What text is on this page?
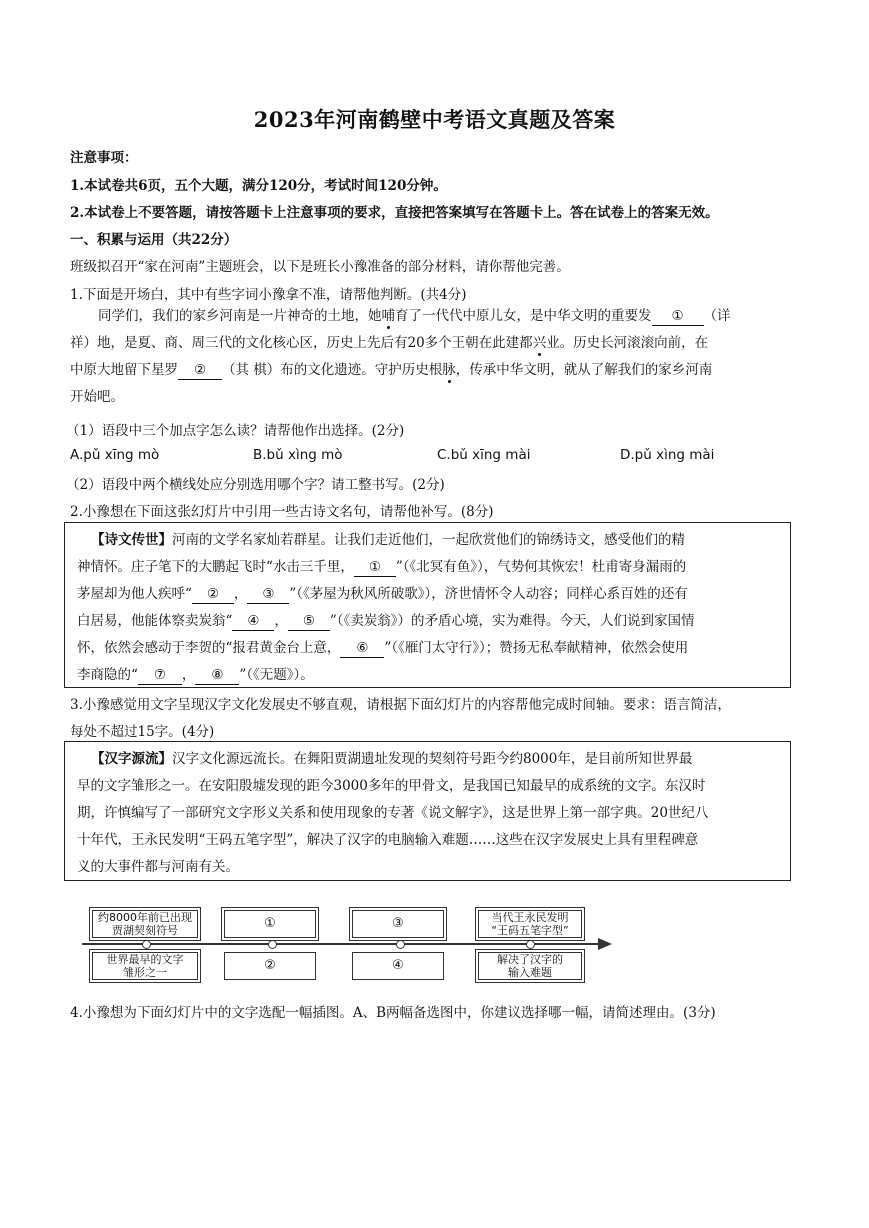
2023年河南鹤壁中考语文真题及答案
注意事项：
1.本试卷共6页，五个大题，满分120分，考试时间120分钟。
2.本试卷上不要答题，请按答题卡上注意事项的要求，直接把答案填写在答题卡上。答在试卷上的答案无效。
一、积累与运用（共22分）
班级拟召开“家在河南”主题班会，以下是班长小豫准备的部分材料，请你帮他完善。
1.下面是开场白，其中有些字词小豫拿不准，请帮他判断。(共4分)
同学们，我们的家乡河南是一片神奇的土地，她哺育了一代代中原儿女，是中华文明的重要发 ① （详
祥）地，是夏、商、周三代的文化核心区，历史上先后有20多个王朝在此建都兴业。历史长河滚滚向前，在
中原大地留下星罗 ② （其 棋）布的文化遗迹。守护历史根脉，传承中华文明，就从了解我们的家乡河南
开始吧。
（1）语段中三个加点字怎么读？请帮他作出选择。(2分)
A.pǔ xīng mò	B.bǔ xìng mò	C.bǔ xīng mài	D.pǔ xìng mài
（2）语段中两个横线处应分别选用哪个字？请工整书写。(2分)
2.小豫想在下面这张幻灯片中引用一些古诗文名句，请帮他补写。(8分)
【诗文传世】河南的文学名家灿若群星。让我们走近他们，一起欣赏他们的锦绣诗文，感受他们的精
神情怀。庄子笔下的大鹏起飞时“水击三千里， ① ”（《北冥有鱼》），气势何其恢宏！杜甫寄身漏雨的
茅屋却为他人疾呼“ ② ， ③ ”（《茅屋为秋风所破歌》），济世情怀令人动容；同样心系百姓的还有
白居易，他能体察卖炭翁“ ④ ， ⑤ ”（《卖炭翁》）的矛盾心境，实为难得。今天，人们说到家国情
怀，依然会感动于李贺的“报君黄金台上意， ⑥ ”（《雁门太守行》）；赞扬无私奉献精神，依然会使用
李商隐的“ ⑦ ， ⑧ ”（《无题》）。
3.小豫感觉用文字呈现汉字文化发展史不够直观，请根据下面幻灯片的内容帮他完成时间轴。要求：语言简洁，
每处不超过15字。(4分)
【汉字源流】汉字文化源远流长。在舞阳贾湖遗址发现的契刻符号距今约8000年，是目前所知世界最
早的文字雏形之一。在安阳殷墟发现的距今3000多年的甲骨文，是我国已知最早的成系统的文字。东汉时
期，许慎编写了一部研究文字形义关系和使用现象的专著《说文解字》，这是世界上第一部字典。20世纪八
十年代，王永民发明“王码五笔字型”，解决了汉字的电脑输入难题……这些在汉字发展史上具有里程碑意
义的大事件都与河南有关。
约8000年前已出现
贾湖契刻符号
世界最早的文字
雏形之一
①
②
③
④
当代王永民发明
“王码五笔字型”
解决了汉字的
输入难题
4.小豫想为下面幻灯片中的文字选配一幅插图。A、B两幅备选图中，你建议选择哪一幅，请简述理由。(3分)
